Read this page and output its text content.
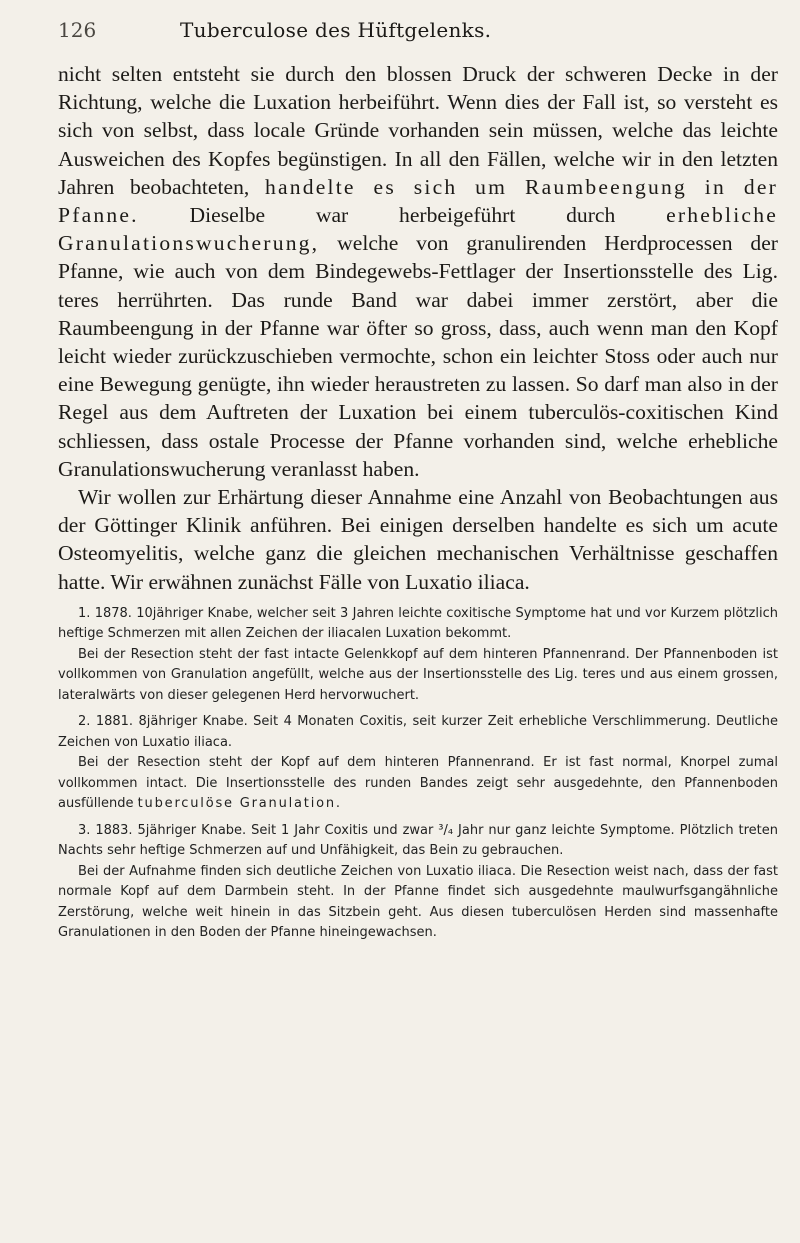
126	Tuberculose des Hüftgelenks.

nicht selten entsteht sie durch den blossen Druck der schweren Decke in der Richtung, welche die Luxation herbeiführt. Wenn dies der Fall ist, so versteht es sich von selbst, dass locale Gründe vorhanden sein müssen, welche das leichte Ausweichen des Kopfes begünstigen. In all den Fällen, welche wir in den letzten Jahren beobachteten, handelte es sich um Raumbeengung in der Pfanne. Dieselbe war herbeigeführt durch erhebliche Granulationswucherung, welche von granulirenden Herdprocessen der Pfanne, wie auch von dem Bindegewebs-Fettlager der Insertionsstelle des Lig. teres herrührten. Das runde Band war dabei immer zerstört, aber die Raumbeengung in der Pfanne war öfter so gross, dass, auch wenn man den Kopf leicht wieder zurückzuschieben vermochte, schon ein leichter Stoss oder auch nur eine Bewegung genügte, ihn wieder heraustreten zu lassen. So darf man also in der Regel aus dem Auftreten der Luxation bei einem tuberculös-coxitischen Kind schliessen, dass ostale Processe der Pfanne vorhanden sind, welche erhebliche Granulationswucherung veranlasst haben.

Wir wollen zur Erhärtung dieser Annahme eine Anzahl von Beobachtungen aus der Göttinger Klinik anführen. Bei einigen derselben handelte es sich um acute Osteomyelitis, welche ganz die gleichen mechanischen Verhältnisse geschaffen hatte. Wir erwähnen zunächst Fälle von Luxatio iliaca.

1. 1878. 10jähriger Knabe, welcher seit 3 Jahren leichte coxitische Symptome hat und vor Kurzem plötzlich heftige Schmerzen mit allen Zeichen der iliacalen Luxation bekommt.

Bei der Resection steht der fast intacte Gelenkkopf auf dem hinteren Pfannenrand. Der Pfannenboden ist vollkommen von Granulation angefüllt, welche aus der Insertionsstelle des Lig. teres und aus einem grossen, lateralwärts von dieser gelegenen Herd hervorwuchert.

2. 1881. 8jähriger Knabe. Seit 4 Monaten Coxitis, seit kurzer Zeit erhebliche Verschlimmerung. Deutliche Zeichen von Luxatio iliaca.

Bei der Resection steht der Kopf auf dem hinteren Pfannenrand. Er ist fast normal, Knorpel zumal vollkommen intact. Die Insertionsstelle des runden Bandes zeigt sehr ausgedehnte, den Pfannenboden ausfüllende tuberculöse Granulation.

3. 1883. 5jähriger Knabe. Seit 1 Jahr Coxitis und zwar ³/₄ Jahr nur ganz leichte Symptome. Plötzlich treten Nachts sehr heftige Schmerzen auf und Unfähigkeit, das Bein zu gebrauchen.

Bei der Aufnahme finden sich deutliche Zeichen von Luxatio iliaca. Die Resection weist nach, dass der fast normale Kopf auf dem Darmbein steht. In der Pfanne findet sich ausgedehnte maulwurfsgangähnliche Zerstörung, welche weit hinein in das Sitzbein geht. Aus diesen tuberculösen Herden sind massenhafte Granulationen in den Boden der Pfanne hineingewachsen.
